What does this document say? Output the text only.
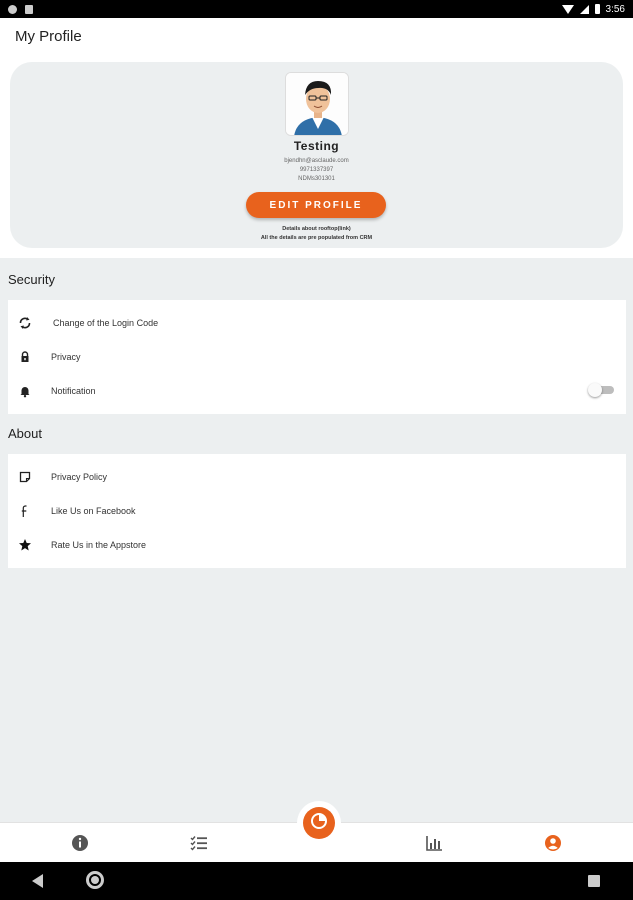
3:56
My Profile
Testing
bjendhn@asclaude.com
9971337397
NDMs301301
EDIT PROFILE
Details about rooftop(link)
All the details are pre populated from CRM
Security
Change of the Login Code
Privacy
Notification
About
Privacy Policy
Like Us on Facebook
Rate Us in the Appstore
